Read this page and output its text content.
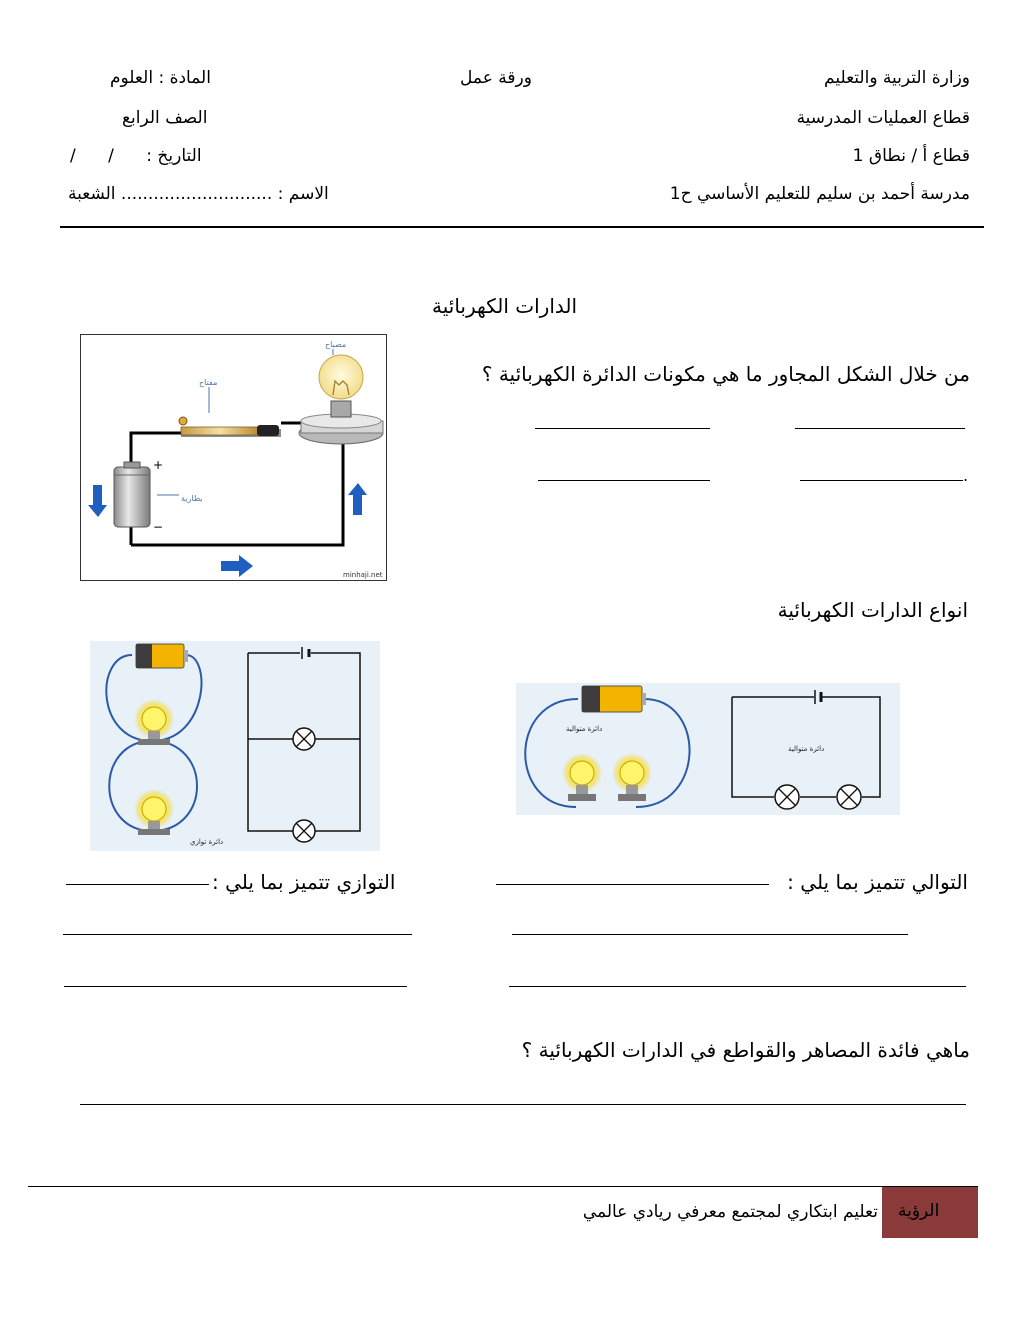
وزارة التربية والتعليم
قطاع العمليات المدرسية
قطاع أ / نطاق 1
مدرسة أحمد بن سليم للتعليم الأساسي ح1
ورقة عمل
المادة : العلوم
الصف الرابع
التاريخ :      /      /
الاسم : ............................ الشعبة
الدارات الكهربائية
من خلال الشكل المجاور ما هي مكونات الدائرة الكهربائية ؟
.
مفتاح
مصباح
+
−
بطارية
minhaji.net
انواع الدارات الكهربائية
دائرة توازي
دائرة متوالية
دائرة متوالية
التوالي تتميز بما يلي :
التوازي تتميز بما يلي :
ماهي فائدة المصاهر والقواطع في الدارات الكهربائية ؟
الرؤية
تعليم ابتكاري لمجتمع معرفي ريادي عالمي
